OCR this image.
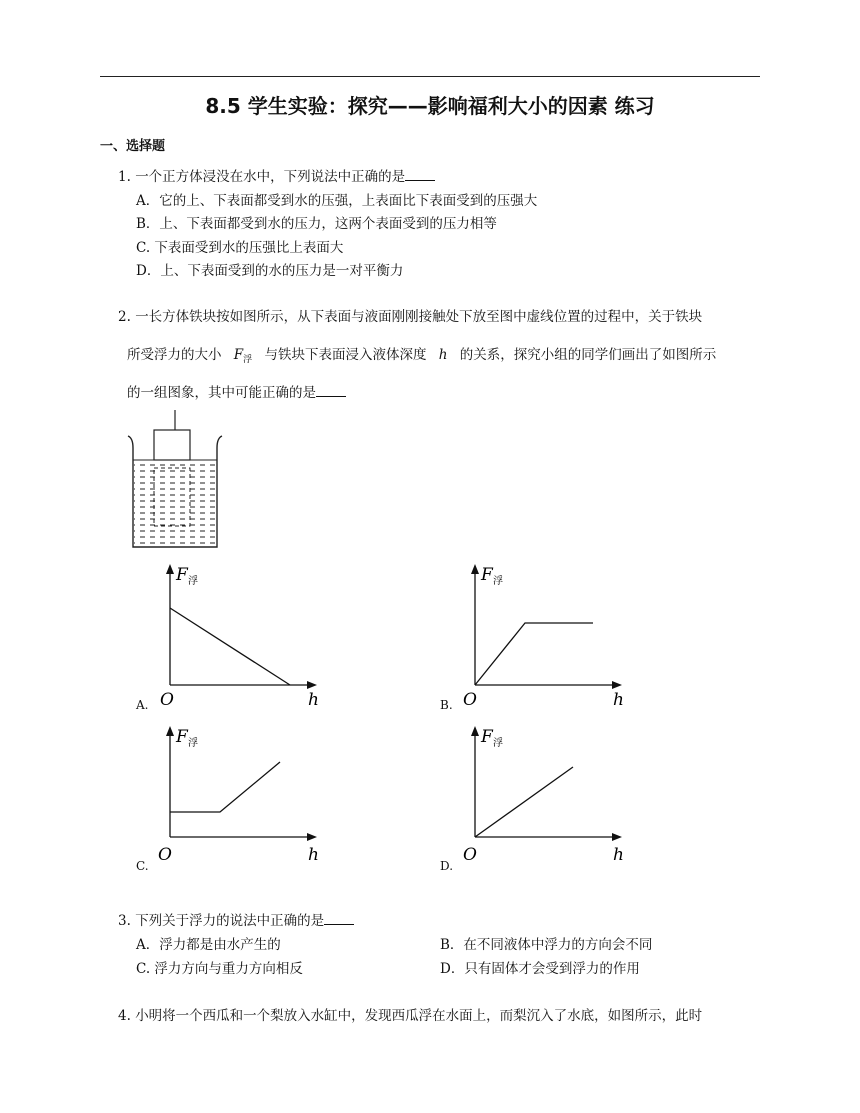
8.5 学生实验：探究——影响福利大小的因素 练习
一、选择题
1. 一个正方体浸没在水中，下列说法中正确的是
A．它的上、下表面都受到水的压强，上表面比下表面受到的压强大
B．上、下表面都受到水的压力，这两个表面受到的压力相等
C. 下表面受到水的压强比上表面大
D．上、下表面受到的水的压力是一对平衡力
2. 一长方体铁块按如图所示，从下表面与液面刚刚接触处下放至图中虚线位置的过程中，关于铁块
所受浮力的大小 $F_浮$ 与铁块下表面浸入液体深度 h 的关系，探究小组的同学们画出了如图所示
的一组图象，其中可能正确的是
A.
F 浮
O	h	B.
F 浮
O	h
C.
F 浮
O	h
D.
F 浮
O	h
3. 下列关于浮力的说法中正确的是
A．浮力都是由水产生的	B．在不同液体中浮力的方向会不同
C. 浮力方向与重力方向相反	D．只有固体才会受到浮力的作用
4. 小明将一个西瓜和一个梨放入水缸中，发现西瓜浮在水面上，而梨沉入了水底，如图所示，此时
